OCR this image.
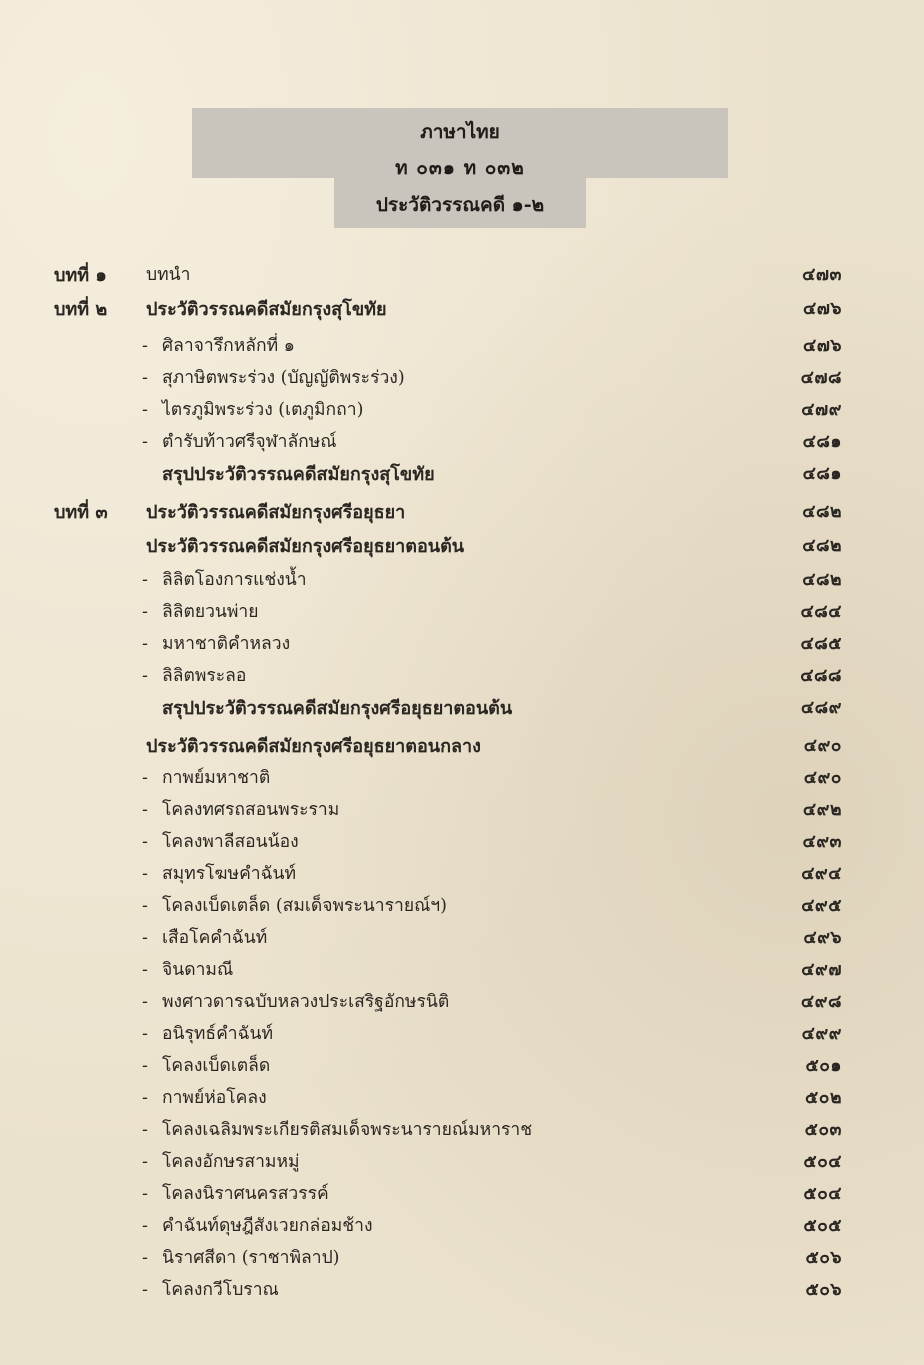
ภาษาไทย
ท ๐๓๑ ท ๐๓๒
ประวัติวรรณคดี ๑-๒
บทที่ ๑ บทนำ	๔๗๓
บทที่ ๒ ประวัติวรรณคดีสมัยกรุงสุโขทัย	๔๗๖
- ศิลาจารึกหลักที่ ๑	๔๗๖
- สุภาษิตพระร่วง (บัญญัติพระร่วง)	๔๗๘
- ไตรภูมิพระร่วง (เตภูมิกถา)	๔๗๙
- ตำรับท้าวศรีจุฬาลักษณ์	๔๘๑
สรุปประวัติวรรณคดีสมัยกรุงสุโขทัย	๔๘๑
บทที่ ๓ ประวัติวรรณคดีสมัยกรุงศรีอยุธยา	๔๘๒
ประวัติวรรณคดีสมัยกรุงศรีอยุธยาตอนต้น	๔๘๒
- ลิลิตโองการแช่งน้ำ	๔๘๒
- ลิลิตยวนพ่าย	๔๘๔
- มหาชาติคำหลวง	๔๘๕
- ลิลิตพระลอ	๔๘๘
สรุปประวัติวรรณคดีสมัยกรุงศรีอยุธยาตอนต้น	๔๘๙
ประวัติวรรณคดีสมัยกรุงศรีอยุธยาตอนกลาง	๔๙๐
- กาพย์มหาชาติ	๔๙๐
- โคลงทศรถสอนพระราม	๔๙๒
- โคลงพาลีสอนน้อง	๔๙๓
- สมุทรโฆษคำฉันท์	๔๙๔
- โคลงเบ็ดเตล็ด (สมเด็จพระนารายณ์ฯ)	๔๙๕
- เสือโคคำฉันท์	๔๙๖
- จินดามณี	๔๙๗
- พงศาวดารฉบับหลวงประเสริฐอักษรนิติ	๔๙๘
- อนิรุทธ์คำฉันท์	๔๙๙
- โคลงเบ็ดเตล็ด	๕๐๑
- กาพย์ห่อโคลง	๕๐๒
- โคลงเฉลิมพระเกียรติสมเด็จพระนารายณ์มหาราช	๕๐๓
- โคลงอักษรสามหมู่	๕๐๔
- โคลงนิราศนครสวรรค์	๕๐๔
- คำฉันท์ดุษฎีสังเวยกล่อมช้าง	๕๐๕
- นิราศสีดา (ราชาพิลาป)	๕๐๖
- โคลงกวีโบราณ	๕๐๖
